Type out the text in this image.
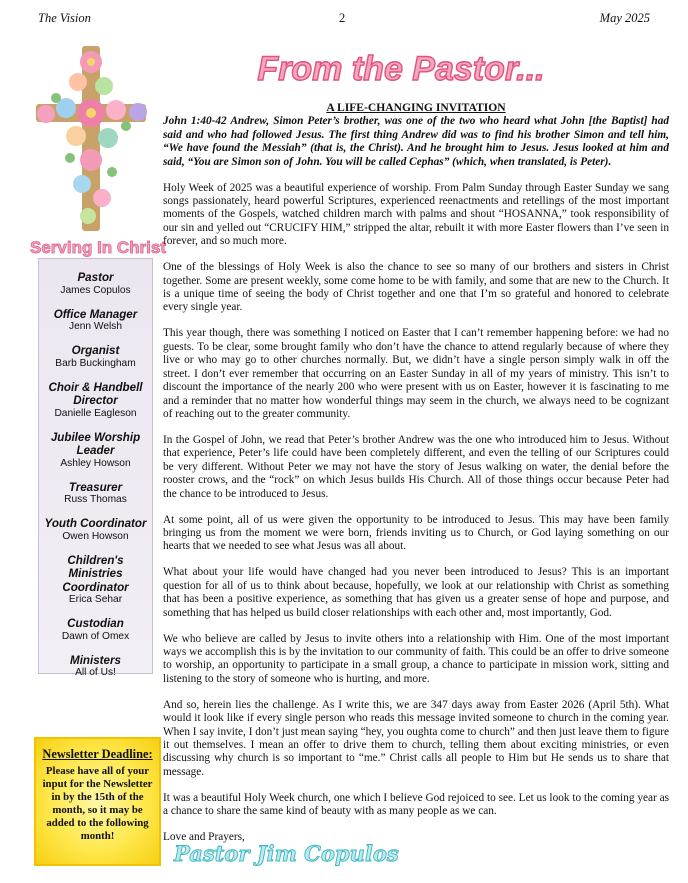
The Vision	2	May 2025
From the Pastor...
Serving In Christ
Pastor
James Copulos
Office Manager
Jenn Welsh
Organist
Barb Buckingham
Choir & Handbell Director
Danielle Eagleson
Jubilee Worship Leader
Ashley Howson
Treasurer
Russ Thomas
Youth Coordinator
Owen Howson
Children's Ministries Coordinator
Erica Sehar
Custodian
Dawn of Omex
Ministers
All of Us!
Newsletter Deadline:
Please have all of your input for the Newsletter in by the 15th of the month, so it may be added to the following month!
A LIFE-CHANGING INVITATION

John 1:40-42 Andrew, Simon Peter’s brother, was one of the two who heard what John [the Baptist] had said and who had followed Jesus. The first thing Andrew did was to find his brother Simon and tell him, “We have found the Messiah” (that is, the Christ). And he brought him to Jesus. Jesus looked at him and said, “You are Simon son of John. You will be called Cephas” (which, when translated, is Peter).

Holy Week of 2025 was a beautiful experience of worship. From Palm Sunday through Easter Sunday we sang songs passionately, heard powerful Scriptures, experienced reenactments and retellings of the most important moments of the Gospels, watched children march with palms and shout “HOSANNA,” took responsibility of our sin and yelled out “CRUCIFY HIM,” stripped the altar, rebuilt it with more Easter flowers than I’ve seen in forever, and so much more.

One of the blessings of Holy Week is also the chance to see so many of our brothers and sisters in Christ together. Some are present weekly, some come home to be with family, and some that are new to the Church. It is a unique time of seeing the body of Christ together and one that I’m so grateful and honored to celebrate every single year.

This year though, there was something I noticed on Easter that I can’t remember happening before: we had no guests. To be clear, some brought family who don’t have the chance to attend regularly because of where they live or who may go to other churches normally. But, we didn’t have a single person simply walk in off the street. I don’t ever remember that occurring on an Easter Sunday in all of my years of ministry. This isn’t to discount the importance of the nearly 200 who were present with us on Easter, however it is fascinating to me and a reminder that no matter how wonderful things may seem in the church, we always need to be cognizant of reaching out to the greater community.

In the Gospel of John, we read that Peter’s brother Andrew was the one who introduced him to Jesus. Without that experience, Peter’s life could have been completely different, and even the telling of our Scriptures could be very different. Without Peter we may not have the story of Jesus walking on water, the denial before the rooster crows, and the “rock” on which Jesus builds His Church. All of those things occur because Peter had the chance to be introduced to Jesus.

At some point, all of us were given the opportunity to be introduced to Jesus. This may have been family bringing us from the moment we were born, friends inviting us to Church, or God laying something on our hearts that we needed to see what Jesus was all about.

What about your life would have changed had you never been introduced to Jesus? This is an important question for all of us to think about because, hopefully, we look at our relationship with Christ as something that has been a positive experience, as something that has given us a greater sense of hope and purpose, and something that has helped us build closer relationships with each other and, most importantly, God.

We who believe are called by Jesus to invite others into a relationship with Him. One of the most important ways we accomplish this is by the invitation to our community of faith. This could be an offer to drive someone to worship, an opportunity to participate in a small group, a chance to participate in mission work, sitting and listening to the story of someone who is hurting, and more.

And so, herein lies the challenge. As I write this, we are 347 days away from Easter 2026 (April 5th). What would it look like if every single person who reads this message invited someone to church in the coming year. When I say invite, I don’t just mean saying “hey, you oughta come to church” and then just leave them to figure it out themselves. I mean an offer to drive them to church, telling them about exciting ministries, or even discussing why church is so important to “me.” Christ calls all people to Him but He sends us to share that message.

It was a beautiful Holy Week church, one which I believe God rejoiced to see. Let us look to the coming year as a chance to share the same kind of beauty with as many people as we can.

Love and Prayers,

Pastor Jim Copulos
